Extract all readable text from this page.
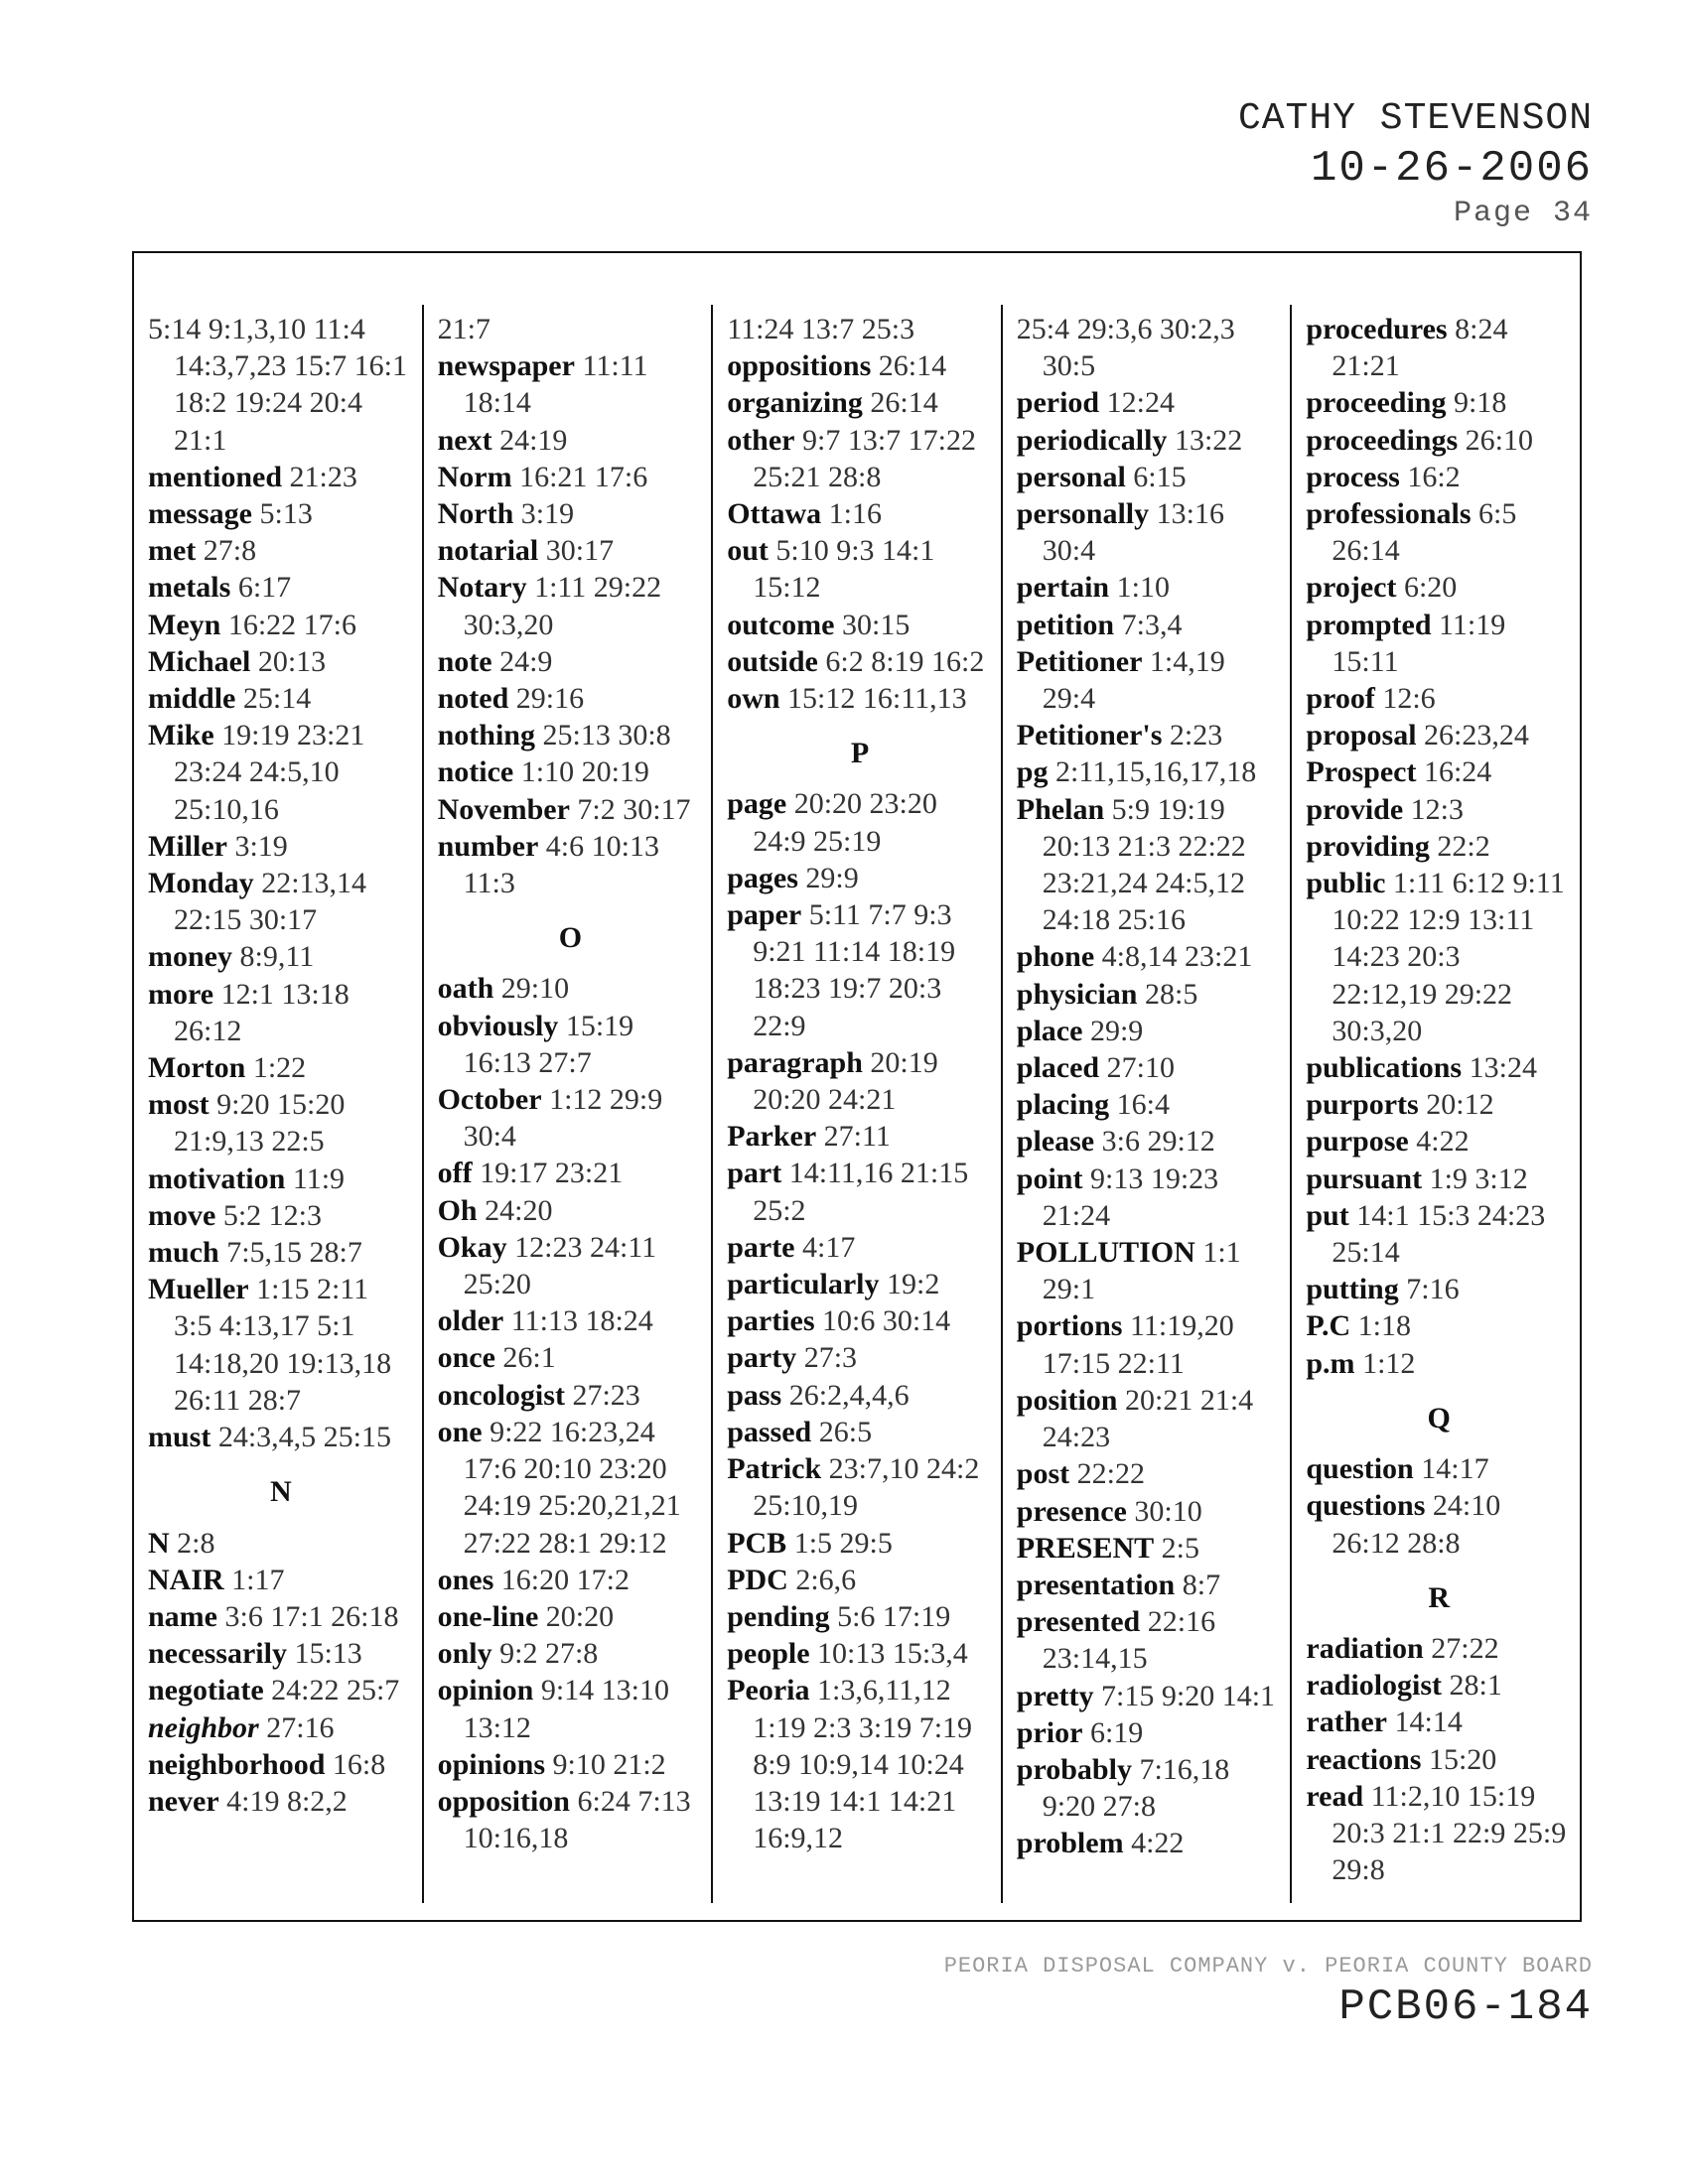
CATHY STEVENSON
10-26-2006
Page 34
5:14 9:1,3,10 11:4 14:3,7,23 15:7 16:1 18:2 19:24 20:4 21:1
mentioned 21:23
message 5:13
met 27:8
metals 6:17
Meyn 16:22 17:6
Michael 20:13
middle 25:14
Mike 19:19 23:21 23:24 24:5,10 25:10,16
Miller 3:19
Monday 22:13,14 22:15 30:17
money 8:9,11
more 12:1 13:18 26:12
Morton 1:22
most 9:20 15:20 21:9,13 22:5
motivation 11:9
move 5:2 12:3
much 7:5,15 28:7
Mueller 1:15 2:11 3:5 4:13,17 5:1 14:18,20 19:13,18 26:11 28:7
must 24:3,4,5 25:15
N
N 2:8
NAIR 1:17
name 3:6 17:1 26:18
necessarily 15:13
negotiate 24:22 25:7
neighbor 27:16
neighborhood 16:8
never 4:19 8:2,2
21:7
newspaper 11:11 18:14
next 24:19
Norm 16:21 17:6
North 3:19
notarial 30:17
Notary 1:11 29:22 30:3,20
note 24:9
noted 29:16
nothing 25:13 30:8
notice 1:10 20:19
November 7:2 30:17
number 4:6 10:13 11:3
O
oath 29:10
obviously 15:19 16:13 27:7
October 1:12 29:9 30:4
off 19:17 23:21
Oh 24:20
Okay 12:23 24:11 25:20
older 11:13 18:24
once 26:1
oncologist 27:23
one 9:22 16:23,24 17:6 20:10 23:20 24:19 25:20,21,21 27:22 28:1 29:12
ones 16:20 17:2
one-line 20:20
only 9:2 27:8
opinion 9:14 13:10 13:12
opinions 9:10 21:2
opposition 6:24 7:13 10:16,18
11:24 13:7 25:3
oppositions 26:14
organizing 26:14
other 9:7 13:7 17:22 25:21 28:8
Ottawa 1:16
out 5:10 9:3 14:1 15:12
outcome 30:15
outside 6:2 8:19 16:2
own 15:12 16:11,13
P
page 20:20 23:20 24:9 25:19
pages 29:9
paper 5:11 7:7 9:3 9:21 11:14 18:19 18:23 19:7 20:3 22:9
paragraph 20:19 20:20 24:21
Parker 27:11
part 14:11,16 21:15 25:2
parte 4:17
particularly 19:2
parties 10:6 30:14
party 27:3
pass 26:2,4,4,6
passed 26:5
Patrick 23:7,10 24:2 25:10,19
PCB 1:5 29:5
PDC 2:6,6
pending 5:6 17:19
people 10:13 15:3,4
Peoria 1:3,6,11,12 1:19 2:3 3:19 7:19 8:9 10:9,14 10:24 13:19 14:1 14:21 16:9,12
25:4 29:3,6 30:2,3 30:5
period 12:24
periodically 13:22
personal 6:15
personally 13:16 30:4
pertain 1:10
petition 7:3,4
Petitioner 1:4,19 29:4
Petitioner's 2:23
pg 2:11,15,16,17,18
Phelan 5:9 19:19 20:13 21:3 22:22 23:21,24 24:5,12 24:18 25:16
phone 4:8,14 23:21
physician 28:5
place 29:9
placed 27:10
placing 16:4
please 3:6 29:12
point 9:13 19:23 21:24
POLLUTION 1:1 29:1
portions 11:19,20 17:15 22:11
position 20:21 21:4 24:23
post 22:22
presence 30:10
PRESENT 2:5
presentation 8:7
presented 22:16 23:14,15
pretty 7:15 9:20 14:1
prior 6:19
probably 7:16,18 9:20 27:8
problem 4:22
procedures 8:24 21:21
proceeding 9:18
proceedings 26:10
process 16:2
professionals 6:5 26:14
project 6:20
prompted 11:19 15:11
proof 12:6
proposal 26:23,24
Prospect 16:24
provide 12:3
providing 22:2
public 1:11 6:12 9:11 10:22 12:9 13:11 14:23 20:3 22:12,19 29:22 30:3,20
publications 13:24
purports 20:12
purpose 4:22
pursuant 1:9 3:12
put 14:1 15:3 24:23 25:14
putting 7:16
P.C 1:18
p.m 1:12
Q
question 14:17
questions 24:10 26:12 28:8
R
radiation 27:22
radiologist 28:1
rather 14:14
reactions 15:20
read 11:2,10 15:19 20:3 21:1 22:9 25:9 29:8
PEORIA DISPOSAL COMPANY v. PEORIA COUNTY BOARD
PCB06-184
